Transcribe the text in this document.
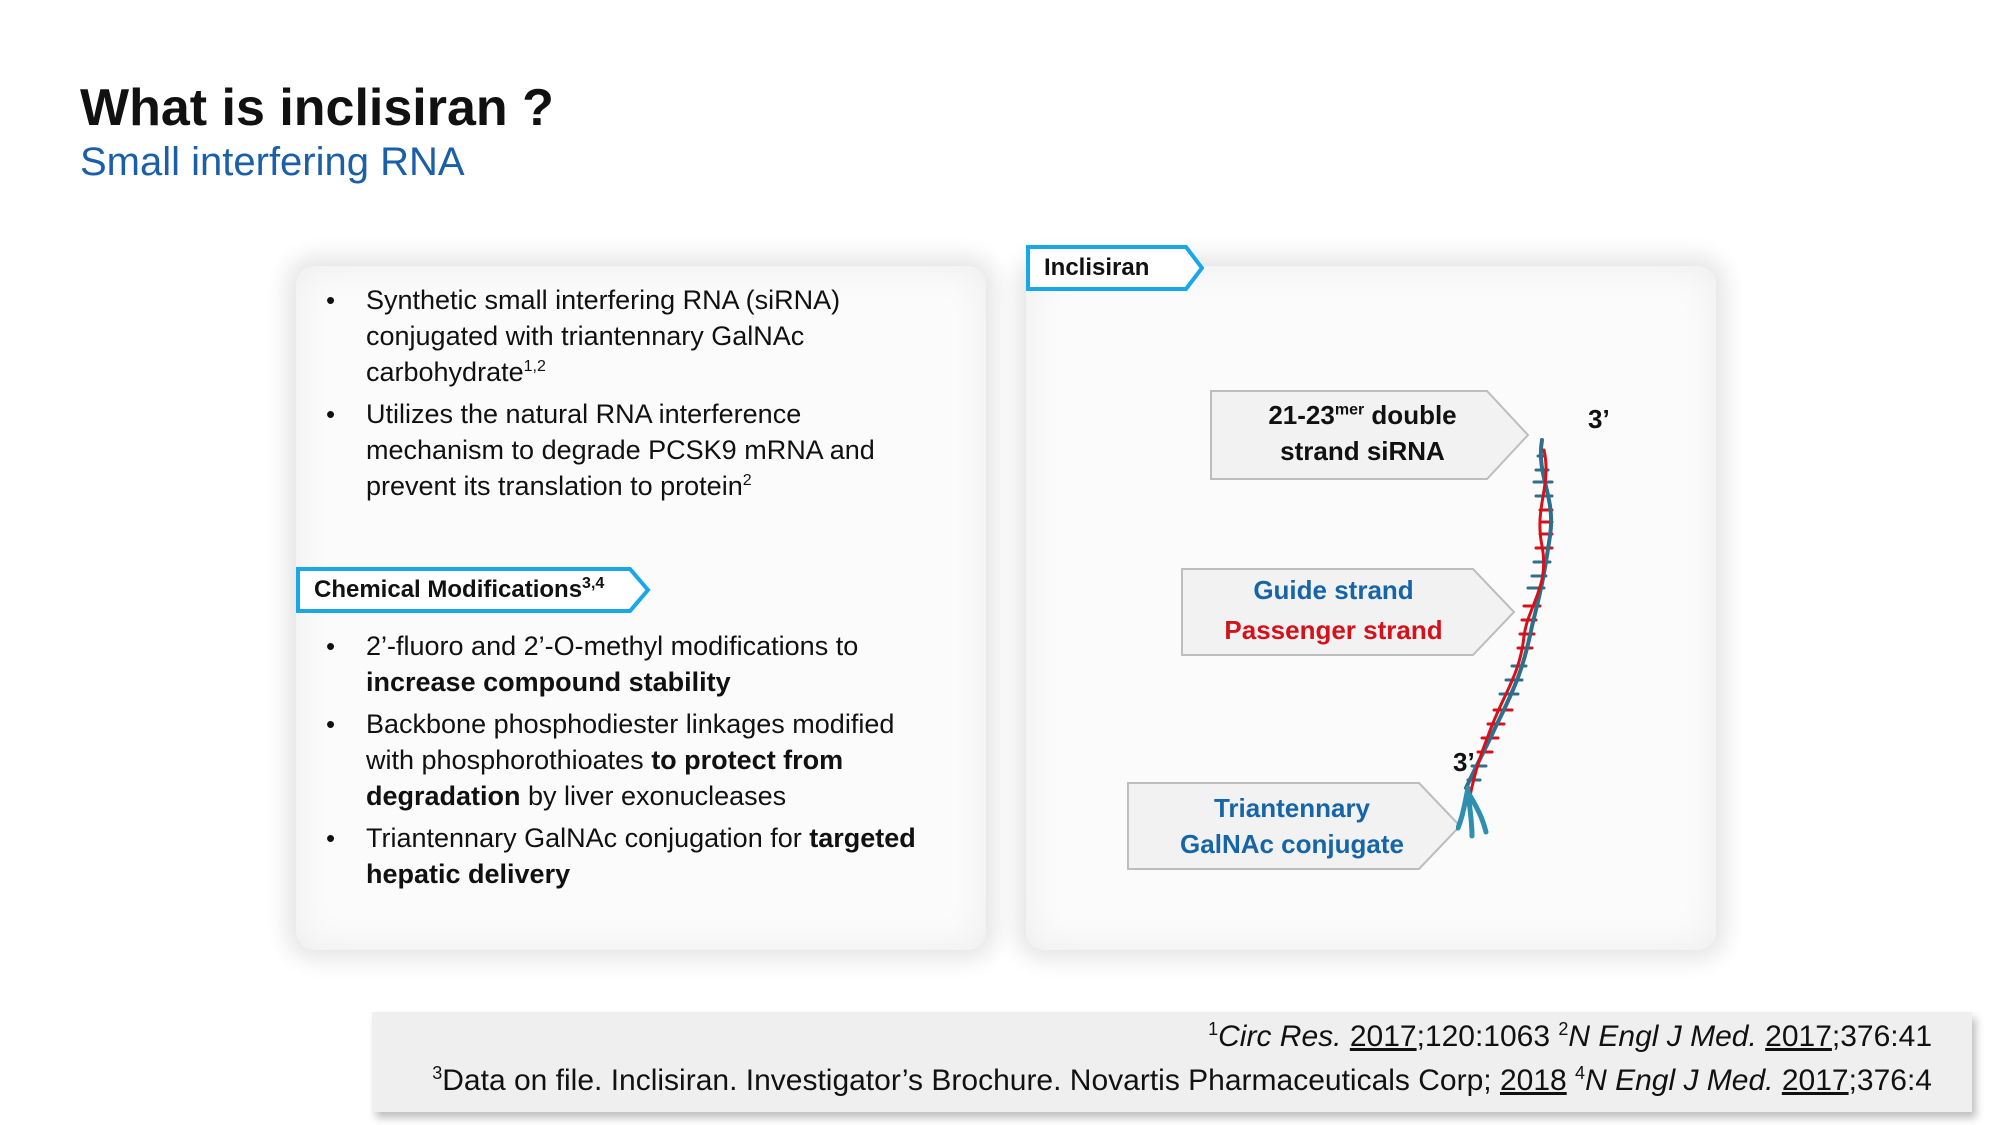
What is inclisiran ?
Small interfering RNA
• Synthetic small interfering RNA (siRNA) conjugated with triantennary GalNAc carbohydrate$^{1,2}$
• Utilizes the natural RNA interference mechanism to degrade PCSK9 mRNA and prevent its translation to protein$^2$
• 2’-fluoro and 2’-O-methyl modifications to increase compound stability
• Backbone phosphodiester linkages modified with phosphorothioates to protect from degradation by liver exonucleases
• Triantennary GalNAc conjugation for targeted hepatic delivery
Chemical Modifications$^{3,4}$
$21-23^{mer}$ double
strand siRNA
Guide strand
Passenger strand
Triantennary
GalNAc conjugate
3’
3’
Inclisiran
$^1$Circ Res. 2017;120:1063 $^2$N Engl J Med. 2017;376:41
$^3$Data on file. Inclisiran. Investigator’s Brochure. Novartis Pharmaceuticals Corp; 2018 $^4$N Engl J Med. 2017;376:4
